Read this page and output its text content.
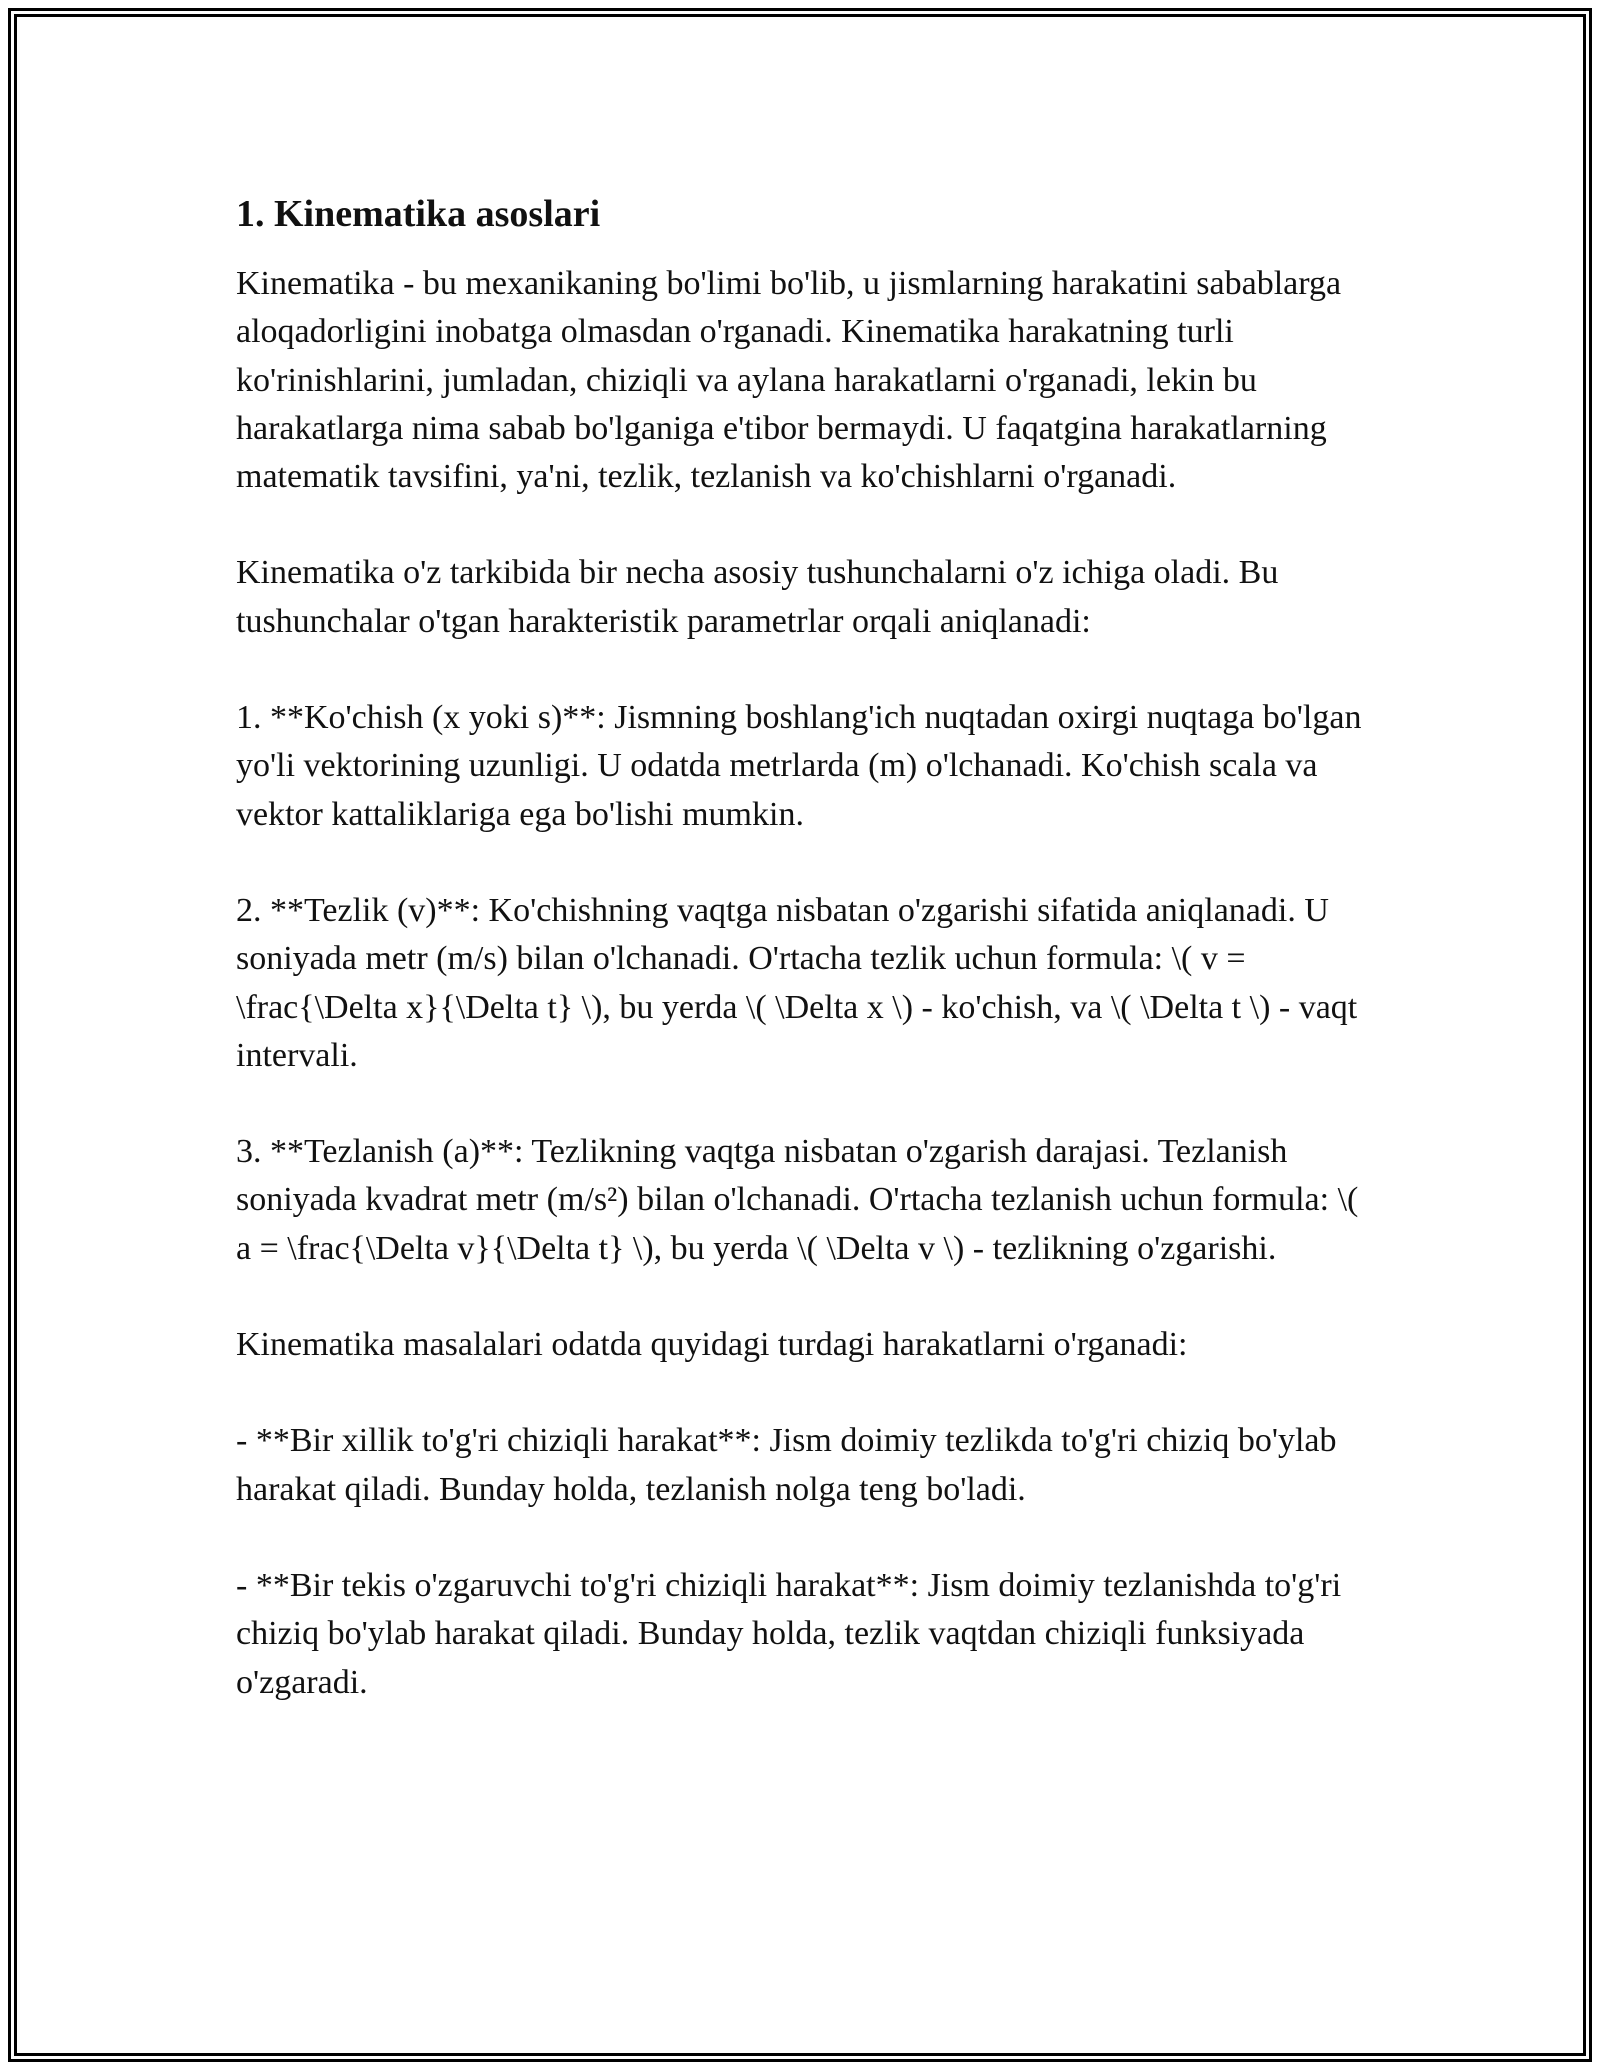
1. Kinematika asoslari

Kinematika - bu mexanikaning bo'limi bo'lib, u jismlarning harakatini sabablarga aloqadorligini inobatga olmasdan o'rganadi. Kinematika harakatning turli ko'rinishlarini, jumladan, chiziqli va aylana harakatlarni o'rganadi, lekin bu harakatlarga nima sabab bo'lganiga e'tibor bermaydi. U faqatgina harakatlarning matematik tavsifini, ya'ni, tezlik, tezlanish va ko'chishlarni o'rganadi.

Kinematika o'z tarkibida bir necha asosiy tushunchalarni o'z ichiga oladi. Bu tushunchalar o'tgan harakteristik parametrlar orqali aniqlanadi:

1. **Ko'chish (x yoki s)**: Jismning boshlang'ich nuqtadan oxirgi nuqtaga bo'lgan yo'li vektorining uzunligi. U odatda metrlarda (m) o'lchanadi. Ko'chish scala va vektor kattaliklariga ega bo'lishi mumkin.

2. **Tezlik (v)**: Ko'chishning vaqtga nisbatan o'zgarishi sifatida aniqlanadi. U soniyada metr (m/s) bilan o'lchanadi. O'rtacha tezlik uchun formula: \( v = \frac{\Delta x}{\Delta t} \), bu yerda \( \Delta x \) - ko'chish, va \( \Delta t \) - vaqt intervali.

3. **Tezlanish (a)**: Tezlikning vaqtga nisbatan o'zgarish darajasi. Tezlanish soniyada kvadrat metr (m/s²) bilan o'lchanadi. O'rtacha tezlanish uchun formula: \( a = \frac{\Delta v}{\Delta t} \), bu yerda \( \Delta v \) - tezlikning o'zgarishi.

Kinematika masalalari odatda quyidagi turdagi harakatlarni o'rganadi:

- **Bir xillik to'g'ri chiziqli harakat**: Jism doimiy tezlikda to'g'ri chiziq bo'ylab harakat qiladi. Bunday holda, tezlanish nolga teng bo'ladi.

- **Bir tekis o'zgaruvchi to'g'ri chiziqli harakat**: Jism doimiy tezlanishda to'g'ri chiziq bo'ylab harakat qiladi. Bunday holda, tezlik vaqtdan chiziqli funksiyada o'zgaradi.
